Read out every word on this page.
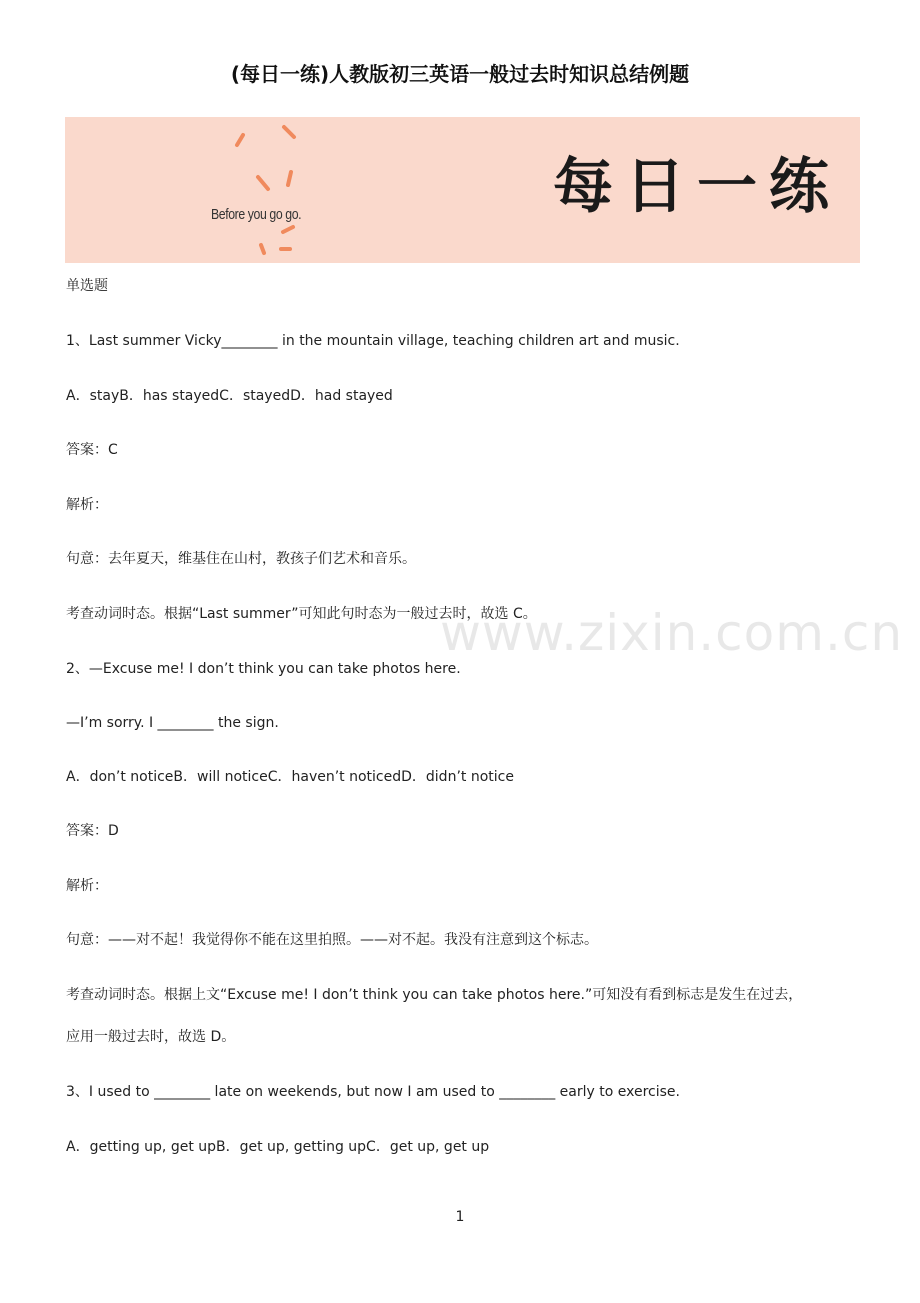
(每日一练)人教版初三英语一般过去时知识总结例题
Before you go go.	每日一练
单选题
1、Last summer Vicky________ in the mountain village, teaching children art and music.
A．stayB．has stayedC．stayedD．had stayed
答案：C
解析：
句意：去年夏天，维基住在山村，教孩子们艺术和音乐。
考查动词时态。根据“Last summer”可知此句时态为一般过去时，故选 C。
2、—Excuse me! I don’t think you can take photos here.
—I’m sorry. I ________ the sign.
A．don’t noticeB．will noticeC．haven’t noticedD．didn’t notice
答案：D
解析：
句意：——对不起！我觉得你不能在这里拍照。——对不起。我没有注意到这个标志。
考查动词时态。根据上文“Excuse me! I don’t think you can take photos here.”可知没有看到标志是发生在过去，
应用一般过去时，故选 D。
3、I used to ________ late on weekends, but now I am used to ________ early to exercise.
A．getting up, get upB．get up, getting upC．get up, get up
www.zixin.com.cn
1
